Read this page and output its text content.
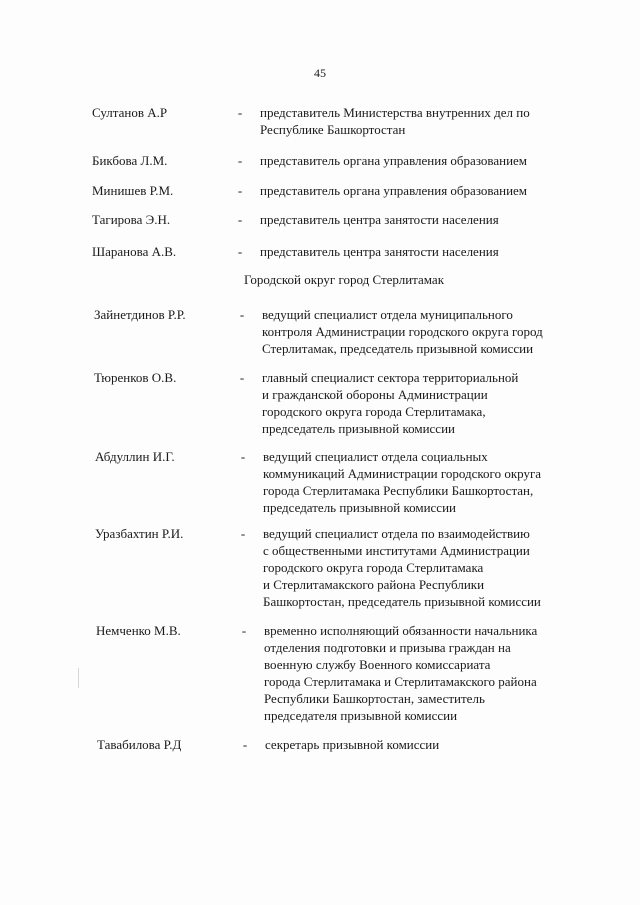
45
Султанов А.Р	- представитель Министерства внутренних дел по
Республике Башкортостан
Бикбова Л.М.	- представитель органа управления образованием
Минишев Р.М.	- представитель органа управления образованием
Тагирова Э.Н.	- представитель центра занятости населения
Шаранова А.В.	- представитель центра занятости населения
Городской округ город Стерлитамак
Зайнетдинов Р.Р.	- ведущий специалист отдела муниципального
контроля Администрации городского округа город
Стерлитамак, председатель призывной комиссии
Тюренков О.В.	- главный специалист сектора территориальной
и гражданской обороны Администрации
городского округа города Стерлитамака,
председатель призывной комиссии
Абдуллин И.Г.	- ведущий специалист отдела социальных
коммуникаций Администрации городского округа
города Стерлитамака Республики Башкортостан,
председатель призывной комиссии
Уразбахтин Р.И.	- ведущий специалист отдела по взаимодействию
с общественными институтами Администрации
городского округа города Стерлитамака
и Стерлитамакского района Республики
Башкортостан, председатель призывной комиссии
Немченко М.В.	- временно исполняющий обязанности начальника
отделения подготовки и призыва граждан на
военную службу Военного комиссариата
города Стерлитамака и Стерлитамакского района
Республики Башкортостан, заместитель
председателя призывной комиссии
Тавабилова Р.Д	- секретарь призывной комиссии
